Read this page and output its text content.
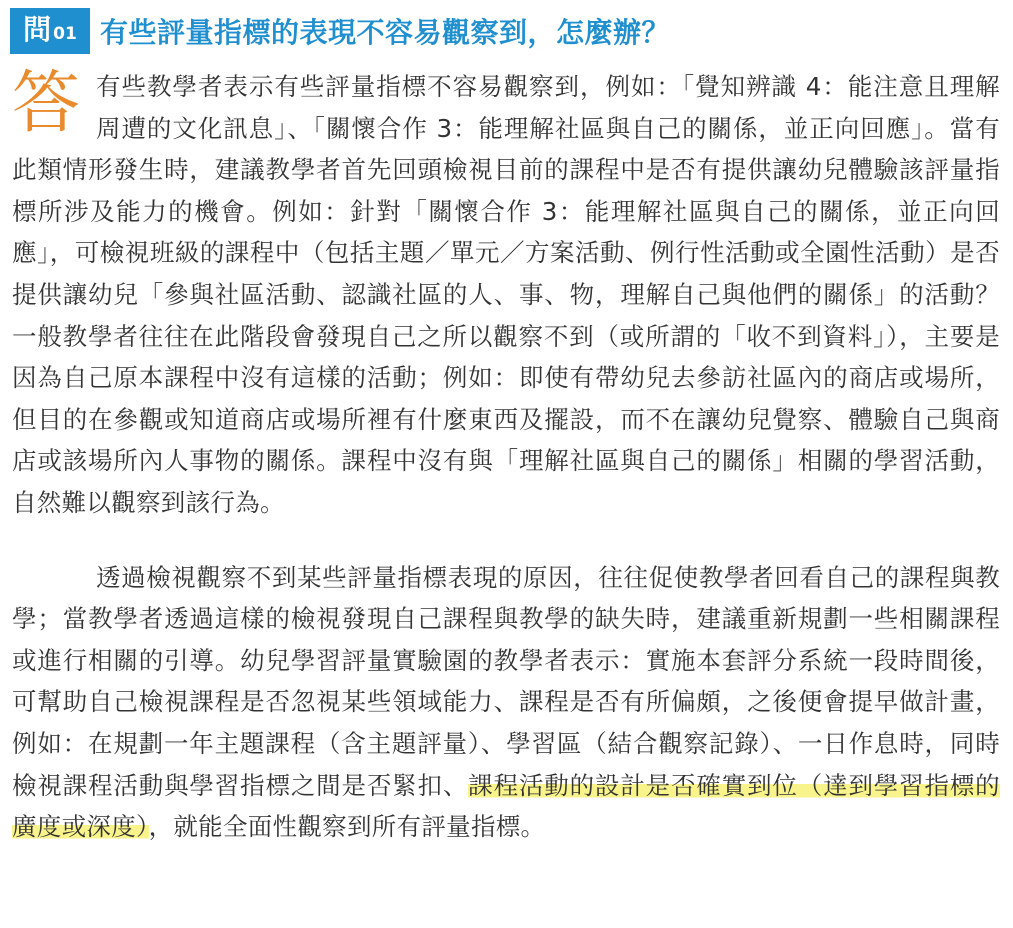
問 01 有些評量指標的表現不容易觀察到，怎麼辦？
答 有些教學者表示有些評量指標不容易觀察到，例如：「覺知辨識 4：能注意且理解周遭的文化訊息」、「關懷合作 3：能理解社區與自己的關係，並正向回應」。當有此類情形發生時，建議教學者首先回頭檢視目前的課程中是否有提供讓幼兒體驗該評量指標所涉及能力的機會。例如：針對「關懷合作 3：能理解社區與自己的關係，並正向回應」，可檢視班級的課程中（包括主題／單元／方案活動、例行性活動或全園性活動）是否提供讓幼兒「參與社區活動、認識社區的人、事、物，理解自己與他們的關係」的活動？一般教學者往往在此階段會發現自己之所以觀察不到（或所謂的「收不到資料」），主要是因為自己原本課程中沒有這樣的活動；例如：即使有帶幼兒去參訪社區內的商店或場所，但目的在參觀或知道商店或場所裡有什麼東西及擺設，而不在讓幼兒覺察、體驗自己與商店或該場所內人事物的關係。課程中沒有與「理解社區與自己的關係」相關的學習活動，自然難以觀察到該行為。

透過檢視觀察不到某些評量指標表現的原因，往往促使教學者回看自己的課程與教學；當教學者透過這樣的檢視發現自己課程與教學的缺失時，建議重新規劃一些相關課程或進行相關的引導。幼兒學習評量實驗園的教學者表示：實施本套評分系統一段時間後，可幫助自己檢視課程是否忽視某些領域能力、課程是否有所偏頗，之後便會提早做計畫，例如：在規劃一年主題課程（含主題評量）、學習區（結合觀察記錄）、一日作息時，同時檢視課程活動與學習指標之間是否緊扣、課程活動的設計是否確實到位（達到學習指標的廣度或深度），就能全面性觀察到所有評量指標。
